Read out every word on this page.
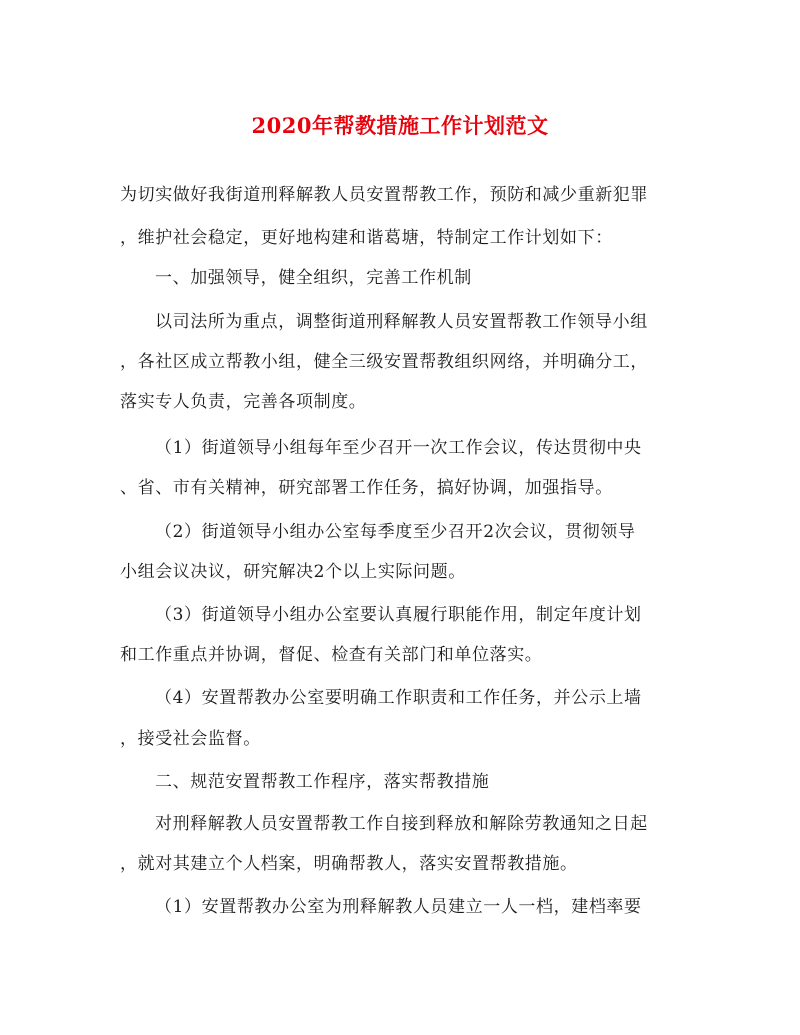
2020年帮教措施工作计划范文
为切实做好我街道刑释解教人员安置帮教工作，预防和减少重新犯罪
，维护社会稳定，更好地构建和谐葛塘，特制定工作计划如下：
一、加强领导，健全组织，完善工作机制
以司法所为重点，调整街道刑释解教人员安置帮教工作领导小组
，各社区成立帮教小组，健全三级安置帮教组织网络，并明确分工，
落实专人负责，完善各项制度。
（1）街道领导小组每年至少召开一次工作会议，传达贯彻中央
、省、市有关精神，研究部署工作任务，搞好协调，加强指导。
（2）街道领导小组办公室每季度至少召开2次会议，贯彻领导
小组会议决议，研究解决2个以上实际问题。
（3）街道领导小组办公室要认真履行职能作用，制定年度计划
和工作重点并协调，督促、检查有关部门和单位落实。
（4）安置帮教办公室要明确工作职责和工作任务，并公示上墙
，接受社会监督。
二、规范安置帮教工作程序，落实帮教措施
对刑释解教人员安置帮教工作自接到释放和解除劳教通知之日起
，就对其建立个人档案，明确帮教人，落实安置帮教措施。
（1）安置帮教办公室为刑释解教人员建立一人一档，建档率要
